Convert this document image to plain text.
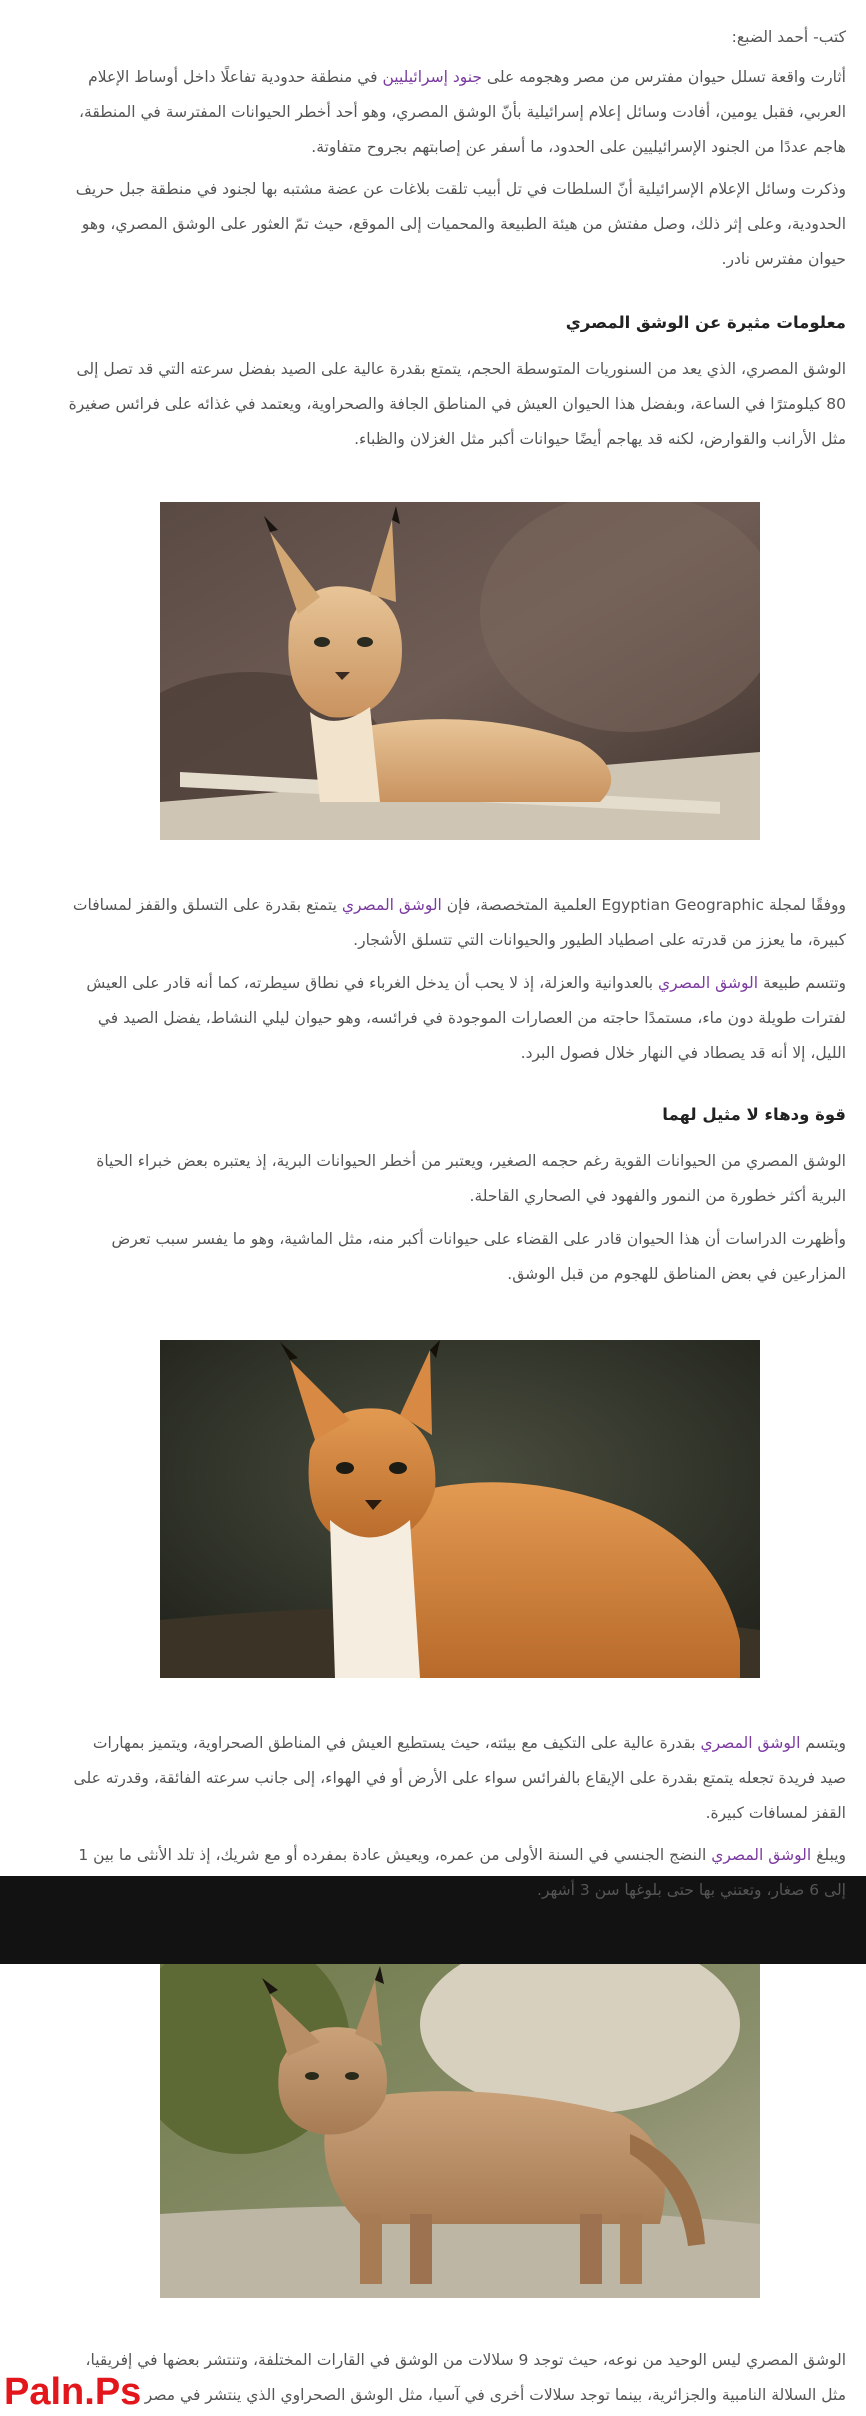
كتب- أحمد الضبع:

أثارت واقعة تسلل حيوان مفترس من مصر وهجومه على جنود إسرائيليين في منطقة حدودية تفاعلًا داخل أوساط الإعلام العربي، فقبل يومين، أفادت وسائل إعلام إسرائيلية بأنّ الوشق المصري، وهو أحد أخطر الحيوانات المفترسة في المنطقة، هاجم عددًا من الجنود الإسرائيليين على الحدود، ما أسفر عن إصابتهم بجروح متفاوتة.

وذكرت وسائل الإعلام الإسرائيلية أنّ السلطات في تل أبيب تلقت بلاغات عن عضة مشتبه بها لجنود في منطقة جبل حريف الحدودية، وعلى إثر ذلك، وصل مفتش من هيئة الطبيعة والمحميات إلى الموقع، حيث تمّ العثور على الوشق المصري، وهو حيوان مفترس نادر.

معلومات مثيرة عن الوشق المصري

الوشق المصري، الذي يعد من السنوريات المتوسطة الحجم، يتمتع بقدرة عالية على الصيد بفضل سرعته التي قد تصل إلى 80 كيلومترًا في الساعة، وبفضل هذا الحيوان العيش في المناطق الجافة والصحراوية، ويعتمد في غذائه على فرائس صغيرة مثل الأرانب والقوارض، لكنه قد يهاجم أيضًا حيوانات أكبر مثل الغزلان والظباء.

ووفقًا لمجلة Egyptian Geographic العلمية المتخصصة، فإن الوشق المصري يتمتع بقدرة على التسلق والقفز لمسافات كبيرة، ما يعزز من قدرته على اصطياد الطيور والحيوانات التي تتسلق الأشجار.

وتتسم طبيعة الوشق المصري بالعدوانية والعزلة، إذ لا يحب أن يدخل الغرباء في نطاق سيطرته، كما أنه قادر على العيش لفترات طويلة دون ماء، مستمدًا حاجته من العصارات الموجودة في فرائسه، وهو حيوان ليلي النشاط، يفضل الصيد في الليل، إلا أنه قد يصطاد في النهار خلال فصول البرد.

قوة ودهاء لا مثيل لهما

الوشق المصري من الحيوانات القوية رغم حجمه الصغير، ويعتبر من أخطر الحيوانات البرية، إذ يعتبره بعض خبراء الحياة البرية أكثر خطورة من النمور والفهود في الصحاري القاحلة.

وأظهرت الدراسات أن هذا الحيوان قادر على القضاء على حيوانات أكبر منه، مثل الماشية، وهو ما يفسر سبب تعرض المزارعين في بعض المناطق للهجوم من قبل الوشق.

ويتسم الوشق المصري بقدرة عالية على التكيف مع بيئته، حيث يستطيع العيش في المناطق الصحراوية، ويتميز بمهارات صيد فريدة تجعله يتمتع بقدرة على الإيقاع بالفرائس سواء على الأرض أو في الهواء، إلى جانب سرعته الفائقة، وقدرته على القفز لمسافات كبيرة.

ويبلغ الوشق المصري النضج الجنسي في السنة الأولى من عمره، ويعيش عادة بمفرده أو مع شريك، إذ تلد الأنثى ما بين 1 إلى 6 صغار، وتعتني بها حتى بلوغها سن 3 أشهر.

الوشق المصري ليس الوحيد من نوعه، حيث توجد 9 سلالات من الوشق في القارات المختلفة، وتنتشر بعضها في إفريقيا، مثل السلالة النامبية والجزائرية، بينما توجد سلالات أخرى في آسيا، مثل الوشق الصحراوي الذي ينتشر في مصر

Paln.Ps
